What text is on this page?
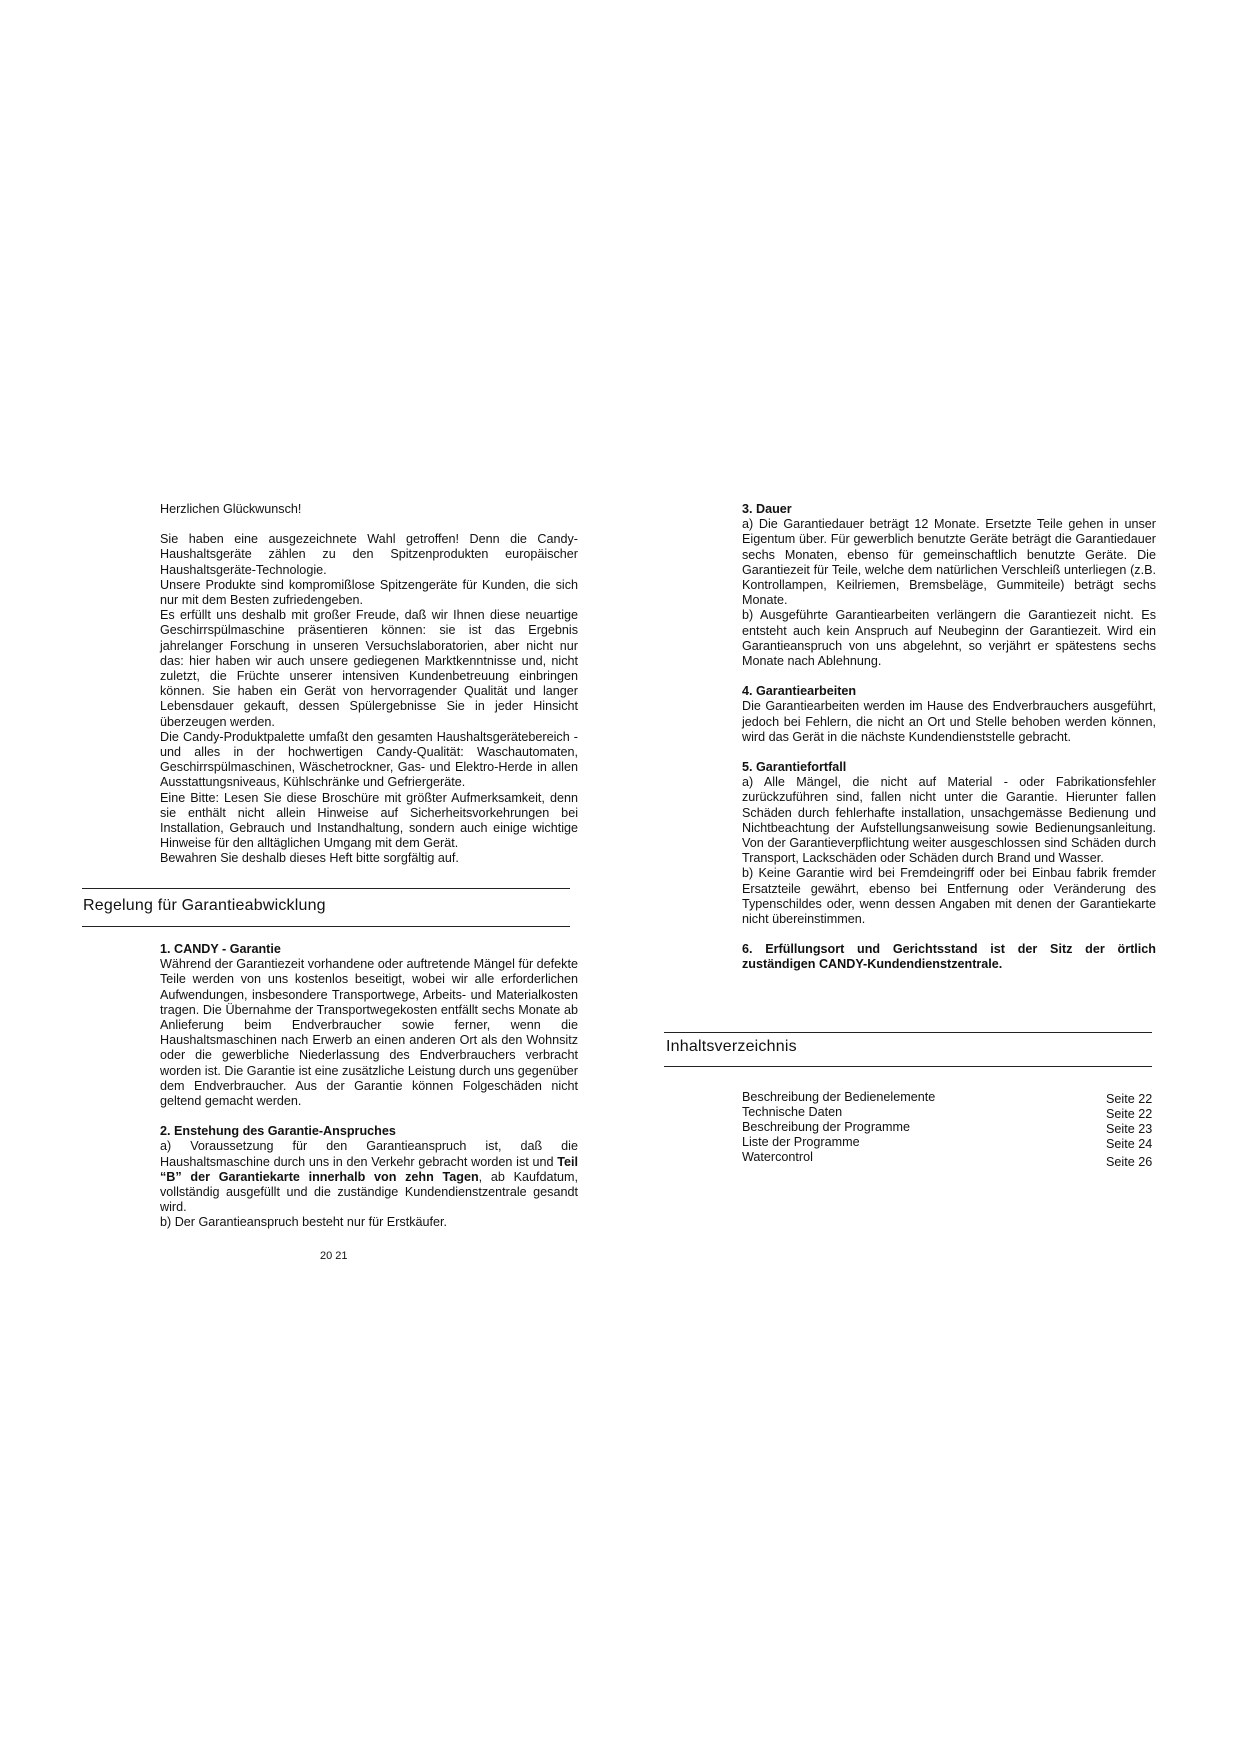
Herzlichen Glückwunsch!

Sie haben eine ausgezeichnete Wahl getroffen! Denn die Candy-Haushaltsgeräte zählen zu den Spitzenprodukten europäischer Haushaltsgeräte-Technologie.

Unsere Produkte sind kompromißlose Spitzengeräte für Kunden, die sich nur mit dem Besten zufriedengeben.

Es erfüllt uns deshalb mit großer Freude, daß wir Ihnen diese neuartige Geschirrspülmaschine präsentieren können: sie ist das Ergebnis jahrelanger Forschung in unseren Versuchslaboratorien, aber nicht nur das: hier haben wir auch unsere gediegenen Marktkenntnisse und, nicht zuletzt, die Früchte unserer intensiven Kundenbetreuung einbringen können. Sie haben ein Gerät von hervorragender Qualität und langer Lebensdauer gekauft, dessen Spülergebnisse Sie in jeder Hinsicht überzeugen werden.

Die Candy-Produktpalette umfaßt den gesamten Haushaltsgerätebereich - und alles in der hochwertigen Candy-Qualität: Waschautomaten, Geschirrspülmaschinen, Wäschetrockner, Gas- und Elektro-Herde in allen Ausstattungsniveaus, Kühlschränke und Gefriergeräte.

Eine Bitte: Lesen Sie diese Broschüre mit größter Aufmerksamkeit, denn sie enthält nicht allein Hinweise auf Sicherheitsvorkehrungen bei Installation, Gebrauch und Instandhaltung, sondern auch einige wichtige Hinweise für den alltäglichen Umgang mit dem Gerät.

Bewahren Sie deshalb dieses Heft bitte sorgfältig auf.

Regelung für Garantieabwicklung

1. CANDY - Garantie

Während der Garantiezeit vorhandene oder auftretende Mängel für defekte Teile werden von uns kostenlos beseitigt, wobei wir alle erforderlichen Aufwendungen, insbesondere Transportwege, Arbeits- und Materialkosten tragen. Die Übernahme der Transportwegekosten entfällt sechs Monate ab Anlieferung beim Endverbraucher sowie ferner, wenn die Haushaltsmaschinen nach Erwerb an einen anderen Ort als den Wohnsitz oder die gewerbliche Niederlassung des Endverbrauchers verbracht worden ist. Die Garantie ist eine zusätzliche Leistung durch uns gegenüber dem Endverbraucher. Aus der Garantie können Folgeschäden nicht geltend gemacht werden.

2. Enstehung des Garantie-Anspruches

a) Voraussetzung für den Garantieanspruch ist, daß die Haushaltsmaschine durch uns in den Verkehr gebracht worden ist und Teil “B” der Garantiekarte innerhalb von zehn Tagen, ab Kaufdatum, vollständig ausgefüllt und die zuständige Kundendienstzentrale gesandt wird.

b) Der Garantieanspruch besteht nur für Erstkäufer.

20 21

3. Dauer

a) Die Garantiedauer beträgt 12 Monate. Ersetzte Teile gehen in unser Eigentum über. Für gewerblich benutzte Geräte beträgt die Garantiedauer sechs Monaten, ebenso für gemeinschaftlich benutzte Geräte. Die Garantiezeit für Teile, welche dem natürlichen Verschleiß unterliegen (z.B. Kontrollampen, Keilriemen, Bremsbeläge, Gummiteile) beträgt sechs Monate.

b) Ausgeführte Garantiearbeiten verlängern die Garantiezeit nicht. Es entsteht auch kein Anspruch auf Neubeginn der Garantiezeit. Wird ein Garantieanspruch von uns abgelehnt, so verjährt er spätestens sechs Monate nach Ablehnung.

4. Garantiearbeiten

Die Garantiearbeiten werden im Hause des Endverbrauchers ausgeführt, jedoch bei Fehlern, die nicht an Ort und Stelle behoben werden können, wird das Gerät in die nächste Kundendienststelle gebracht.

5. Garantiefortfall

a) Alle Mängel, die nicht auf Material - oder Fabrikationsfehler zurückzuführen sind, fallen nicht unter die Garantie. Hierunter fallen Schäden durch fehlerhafte installation, unsachgemässe Bedienung und Nichtbeachtung der Aufstellungsanweisung sowie Bedienungsanleitung. Von der Garantieverpflichtung weiter ausgeschlossen sind Schäden durch Transport, Lackschäden oder Schäden durch Brand und Wasser.

b) Keine Garantie wird bei Fremdeingriff oder bei Einbau fabrik fremder Ersatzteile gewährt, ebenso bei Entfernung oder Veränderung des Typenschildes oder, wenn dessen Angaben mit denen der Garantiekarte nicht übereinstimmen.

6. Erfüllungsort und Gerichtsstand ist der Sitz der örtlich zuständigen CANDY-Kundendienstzentrale.

Inhaltsverzeichnis
Beschreibung der Bedienelemente	Seite 22
Technische Daten	Seite 22
Beschreibung der Programme	Seite 23
Liste der Programme	Seite 24
Watercontrol	Seite 26
